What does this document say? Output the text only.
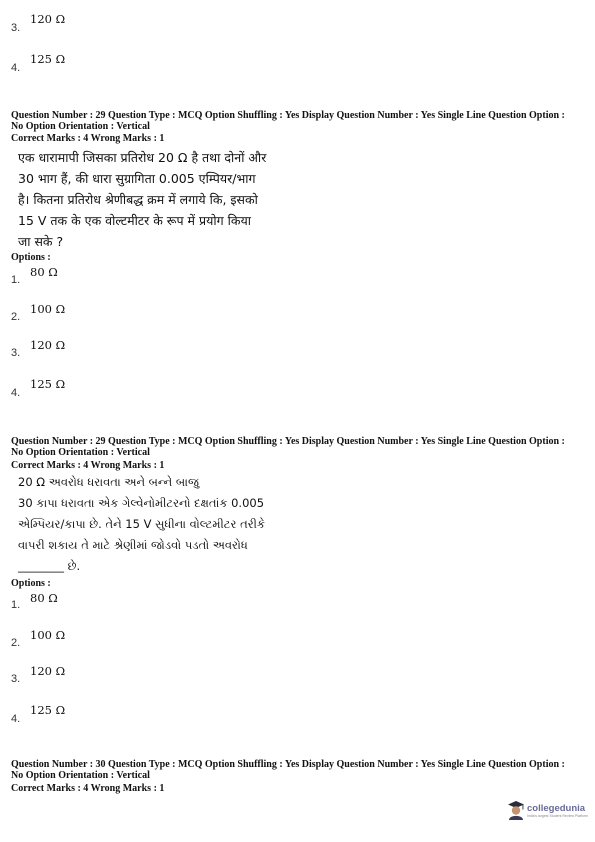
120 Ω
3.
125 Ω
4.
Question Number : 29 Question Type : MCQ Option Shuffling : Yes Display Question Number : Yes Single Line Question Option :
No Option Orientation : Vertical
Correct Marks : 4 Wrong Marks : 1
एक धारामापी जिसका प्रतिरोध 20 Ω है तथा दोनों और
30 भाग हैं, की धारा सुग्रागिता 0.005 एम्पियर/भाग
है। कितना प्रतिरोध श्रेणीबद्ध क्रम में लगाये कि, इसको
15 V तक के एक वोल्टमीटर के रूप में प्रयोग किया
जा सके ?
Options :
80 Ω
1.
100 Ω
2.
120 Ω
3.
125 Ω
4.
Question Number : 29 Question Type : MCQ Option Shuffling : Yes Display Question Number : Yes Single Line Question Option :
No Option Orientation : Vertical
Correct Marks : 4 Wrong Marks : 1
20 Ω અવરોધ ધરાવતા અને બન્ને બાજુ
30 કાપા ધરાવતા એક ગેલ્વેનોમીટરનો દક્ષતાંક 0.005
એમ્પિયર/કાપા છે. તેને 15 V સુધીના વોલ્ટમીટર તરીકે
વાપરી શકાય તે માટે શ્રેણીમાં જોડવો પડતો અવરોધ
________ છે.
Options :
80 Ω
1.
100 Ω
2.
120 Ω
3.
125 Ω
4.
Question Number : 30 Question Type : MCQ Option Shuffling : Yes Display Question Number : Yes Single Line Question Option :
No Option Orientation : Vertical
Correct Marks : 4 Wrong Marks : 1
collegedunia
India's largest Student Review Platform
